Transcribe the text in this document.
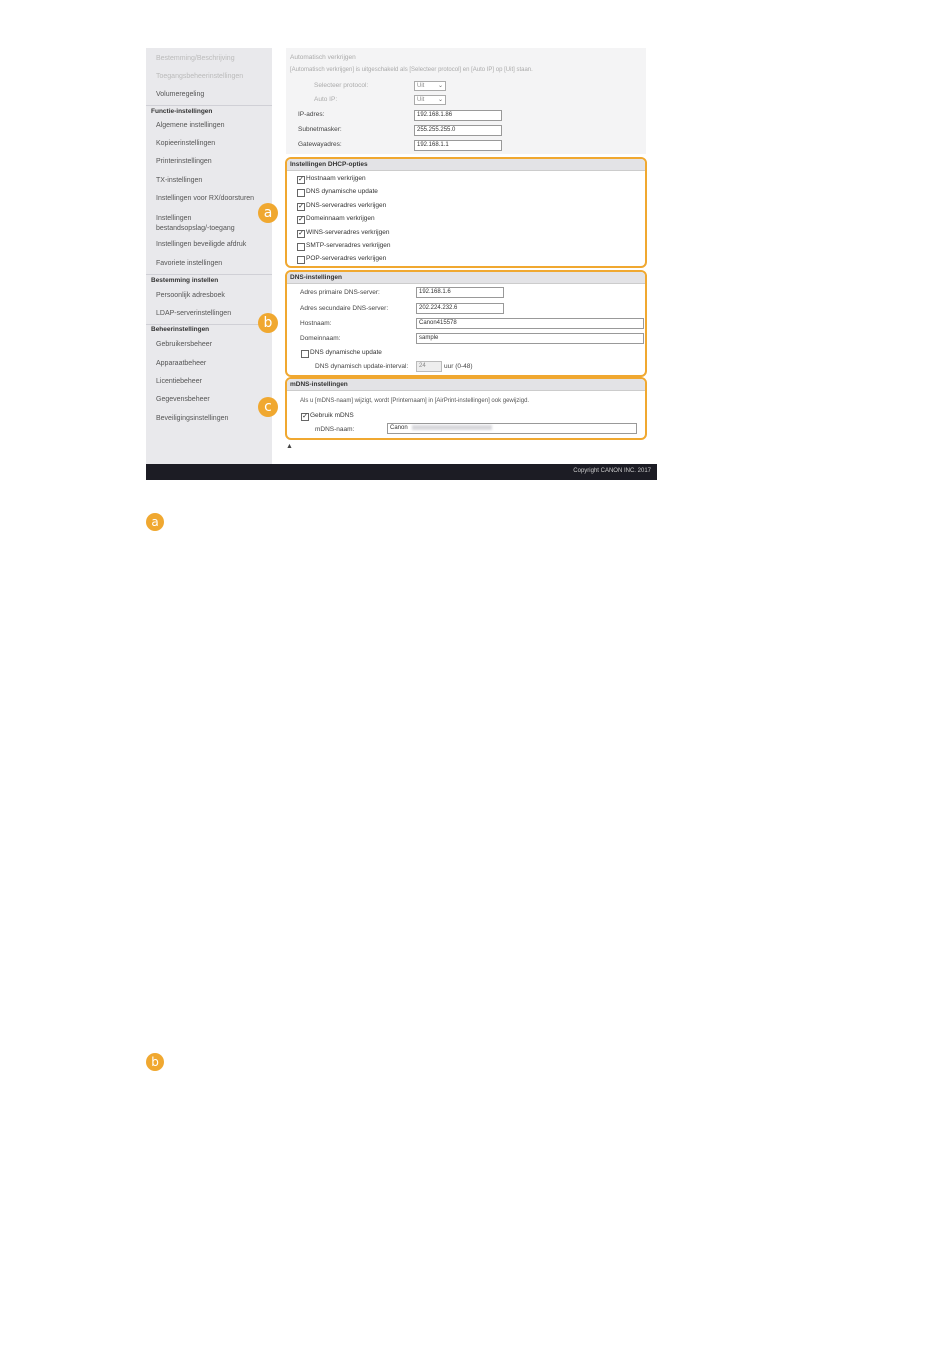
Bestemming/Beschrijving
Toegangsbeheerinstellingen
Volumeregeling
Functie-instellingen
Algemene instellingen
Kopieerinstellingen
Printerinstellingen
TX-instellingen
Instellingen voor RX/doorsturen
Instellingen bestandsopslag/-toegang
Instellingen beveiligde afdruk
Favoriete instellingen
Bestemming instellen
Persoonlijk adresboek
LDAP-serverinstellingen
Beheerinstellingen
Gebruikersbeheer
Apparaatbeheer
Licentiebeheer
Gegevensbeheer
Beveiligingsinstellingen
Automatisch verkrijgen
[Automatisch verkrijgen] is uitgeschakeld als [Selecteer protocol] en [Auto IP] op [Uit] staan.
Selecteer protocol:	Uit ⌄
Auto IP:	Uit ⌄
IP-adres:	192.168.1.86
Subnetmasker:	255.255.255.0
Gatewayadres:	192.168.1.1
Copyright CANON INC. 2017
Instellingen DHCP-opties
✓ Hostnaam verkrijgen
DNS dynamische update
✓ DNS-serveradres verkrijgen
✓ Domeinnaam verkrijgen
✓ WINS-serveradres verkrijgen
SMTP-serveradres verkrijgen
POP-serveradres verkrijgen
DNS-instellingen
Adres primaire DNS-server:	192.168.1.6
Adres secundaire DNS-server:	202.224.232.6
Hostnaam:	Canon415578
Domeinnaam:	sample
DNS dynamische update
DNS dynamisch update-interval:	24	uur (0-48)
mDNS-instellingen
Als u [mDNS-naam] wijzigt, wordt [Printernaam] in [AirPrint-instellingen] ook gewijzigd.
✓ Gebruik mDNS
mDNS-naam:	Canon
▲
a
b
c
a
b
